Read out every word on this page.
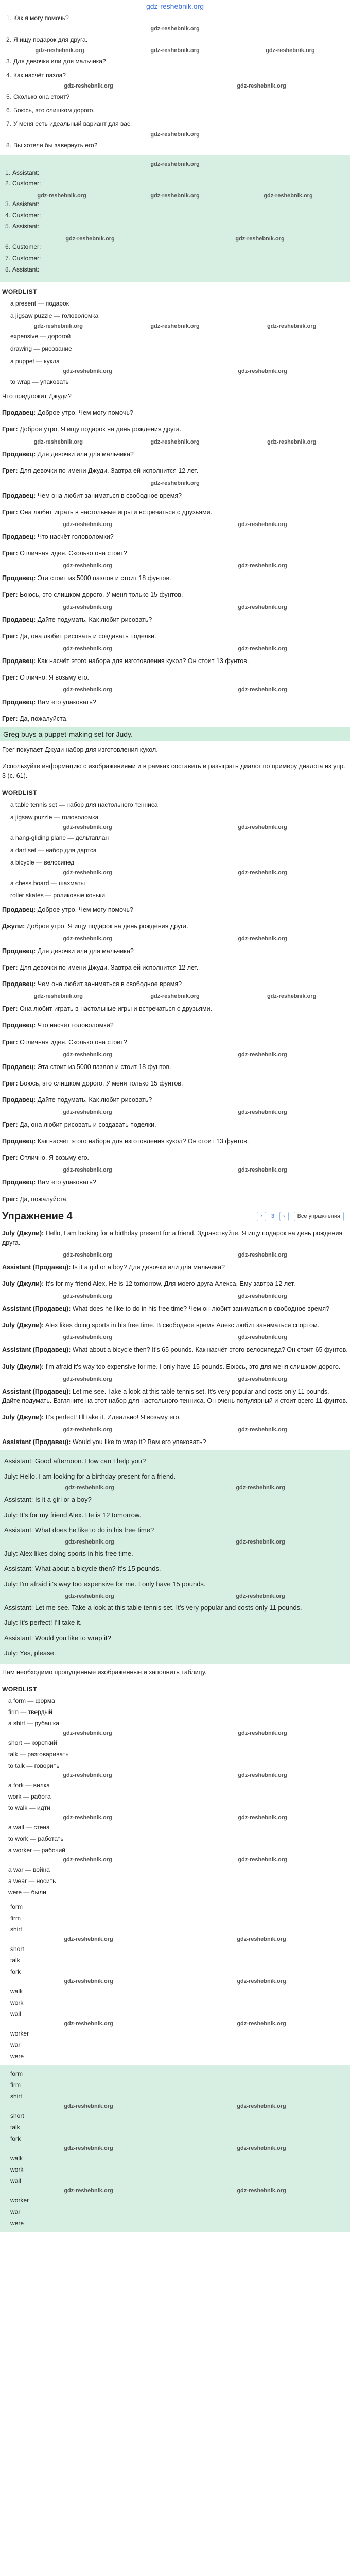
gdz-reshebnik.org
1. Как я могу помочь?
gdz-reshebnik.org
2. Я ищу подарок для друга.
gdz-reshebnik.org	gdz-reshebnik.org	gdz-reshebnik.org
3. Для девочки или для мальчика?
4. Как насчёт пазла?
gdz-reshebnik.org	gdz-reshebnik.org
5. Сколько она стоит?
6. Боюсь, это слишком дорого.
7. У меня есть идеальный вариант для вас.
gdz-reshebnik.org
8. Вы хотели бы завернуть его?
gdz-reshebnik.org
1. Assistant:
2. Customer:
gdz-reshebnik.org	gdz-reshebnik.org	gdz-reshebnik.org
3. Assistant:
4. Customer:
5. Assistant:
gdz-reshebnik.org	gdz-reshebnik.org
6. Customer:
7. Customer:
8. Assistant:
WORDLIST
a present — подарок
a jigsaw puzzle — головоломка
gdz-reshebnik.org	gdz-reshebnik.org	gdz-reshebnik.org
expensive — дорогой
drawing — рисование
a puppet — кукла
gdz-reshebnik.org	gdz-reshebnik.org
to wrap — упаковать

Что предложит Джуди?

Продавец: Доброе утро. Чем могу помочь?

Грег: Доброе утро. Я ищу подарок на день рождения друга.

gdz-reshebnik.org	gdz-reshebnik.org	gdz-reshebnik.org

Продавец: Для девочки или для мальчика?

Грег: Для девочки по имени Джуди. Завтра ей исполнится 12 лет.

gdz-reshebnik.org

Продавец: Чем она любит заниматься в свободное время?

Грег: Она любит играть в настольные игры и встречаться с друзьями.

gdz-reshebnik.org	gdz-reshebnik.org

Продавец: Что насчёт головоломки?

Грег: Отличная идея. Сколько она стоит?

gdz-reshebnik.org	gdz-reshebnik.org

Продавец: Эта стоит из 5000 пазлов и стоит 18 фунтов.

Грег: Боюсь, это слишком дорого. У меня только 15 фунтов.

gdz-reshebnik.org	gdz-reshebnik.org

Продавец: Дайте подумать. Как любит рисовать?

Грег: Да, она любит рисовать и создавать поделки.

gdz-reshebnik.org	gdz-reshebnik.org

Продавец: Как насчёт этого набора для изготовления кукол? Он стоит 13 фунтов.

Грег: Отлично. Я возьму его.

gdz-reshebnik.org	gdz-reshebnik.org

Продавец: Вам его упаковать?

Грег: Да, пожалуйста.

Greg buys a puppet-making set for Judy.

Грег покупает Джуди набор для изготовления кукол.

Используйте информацию с изображениями и в рамках составить и разыграть диалог по примеру диалога из упр. 3 (с. 61).

WORDLIST
a table tennis set — набор для настольного тенниса
a jigsaw puzzle — головоломка
gdz-reshebnik.org	gdz-reshebnik.org
a hang-gliding plane — дельтаплан
a dart set — набор для дартса
a bicycle — велосипед
gdz-reshebnik.org	gdz-reshebnik.org
a chess board — шахматы
roller skates — роликовые коньки

Продавец: Доброе утро. Чем могу помочь?

Джули: Доброе утро. Я ищу подарок на день рождения друга.

gdz-reshebnik.org	gdz-reshebnik.org

Продавец: Для девочки или для мальчика?

Грег: Для девочки по имени Джуди. Завтра ей исполнится 12 лет.

Продавец: Чем она любит заниматься в свободное время?

gdz-reshebnik.org	gdz-reshebnik.org	gdz-reshebnik.org

Грег: Она любит играть в настольные игры и встречаться с друзьями.

Продавец: Что насчёт головоломки?

Грег: Отличная идея. Сколько она стоит?

gdz-reshebnik.org	gdz-reshebnik.org

Продавец: Эта стоит из 5000 пазлов и стоит 18 фунтов.

Грег: Боюсь, это слишком дорого. У меня только 15 фунтов.

Продавец: Дайте подумать. Как любит рисовать?

gdz-reshebnik.org	gdz-reshebnik.org

Грег: Да, она любит рисовать и создавать поделки.

Продавец: Как насчёт этого набора для изготовления кукол? Он стоит 13 фунтов.

Грег: Отлично. Я возьму его.

gdz-reshebnik.org	gdz-reshebnik.org

Продавец: Вам его упаковать?

Грег: Да, пожалуйста.

Упражнение 4	‹	3	›	Все упражнения

July (Джули): Hello, I am looking for a birthday present for a friend. Здравствуйте. Я ищу подарок на день рождения друга.

gdz-reshebnik.org	gdz-reshebnik.org

Assistant (Продавец): Is it a girl or a boy? Для девочки или для мальчика?

July (Джули): It's for my friend Alex. He is 12 tomorrow. Для моего друга Алекса. Ему завтра 12 лет.

gdz-reshebnik.org	gdz-reshebnik.org

Assistant (Продавец): What does he like to do in his free time? Чем он любит заниматься в свободное время?

July (Джули): Alex likes doing sports in his free time. В свободное время Алекс любит заниматься спортом.

gdz-reshebnik.org	gdz-reshebnik.org

Assistant (Продавец): What about a bicycle then? It's 65 pounds. Как насчёт этого велосипеда? Он стоит 65 фунтов.

July (Джули): I'm afraid it's way too expensive for me. I only have 15 pounds. Боюсь, это для меня слишком дорого.

gdz-reshebnik.org	gdz-reshebnik.org

Assistant (Продавец): Let me see. Take a look at this table tennis set. It's very popular and costs only 11 pounds. Дайте подумать. Взгляните на этот набор для настольного тенниса. Он очень популярный и стоит всего 11 фунтов.

July (Джули): It's perfect! I'll take it. Идеально! Я возьму его.

gdz-reshebnik.org	gdz-reshebnik.org

Assistant (Продавец): Would you like to wrap it? Вам его упаковать?

Assistant: Good afternoon. How can I help you?

July: Hello. I am looking for a birthday present for a friend.

gdz-reshebnik.org	gdz-reshebnik.org

Assistant: Is it a girl or a boy?

July: It's for my friend Alex. He is 12 tomorrow.

Assistant: What does he like to do in his free time?

gdz-reshebnik.org	gdz-reshebnik.org

July: Alex likes doing sports in his free time.

Assistant: What about a bicycle then? It's 15 pounds.

July: I'm afraid it's way too expensive for me. I only have 15 pounds.

gdz-reshebnik.org	gdz-reshebnik.org

Assistant: Let me see. Take a look at this table tennis set. It's very popular and costs only 11 pounds.

July: It's perfect! I'll take it.

Assistant: Would you like to wrap it?

July: Yes, please.

Нам необходимо пропущенные изображенные и заполнить таблицу.

WORDLIST
a form — форма
firm — твердый
a shirt — рубашка
gdz-reshebnik.org	gdz-reshebnik.org
short — короткий
talk — разговаривать
to talk — говорить
gdz-reshebnik.org	gdz-reshebnik.org
a fork — вилка
work — работа
to walk — идти
gdz-reshebnik.org	gdz-reshebnik.org
a wall — стена
to work — работать
a worker — рабочий
gdz-reshebnik.org	gdz-reshebnik.org
a war — война
a wear — носить
were — были
form
firm
shirt
gdz-reshebnik.org	gdz-reshebnik.org
short
talk
fork
gdz-reshebnik.org	gdz-reshebnik.org
walk
work
wall
gdz-reshebnik.org	gdz-reshebnik.org
worker
war
were
form
firm
shirt
gdz-reshebnik.org	gdz-reshebnik.org
short
talk
fork
gdz-reshebnik.org	gdz-reshebnik.org
walk
work
wall
gdz-reshebnik.org	gdz-reshebnik.org
worker
war
were
